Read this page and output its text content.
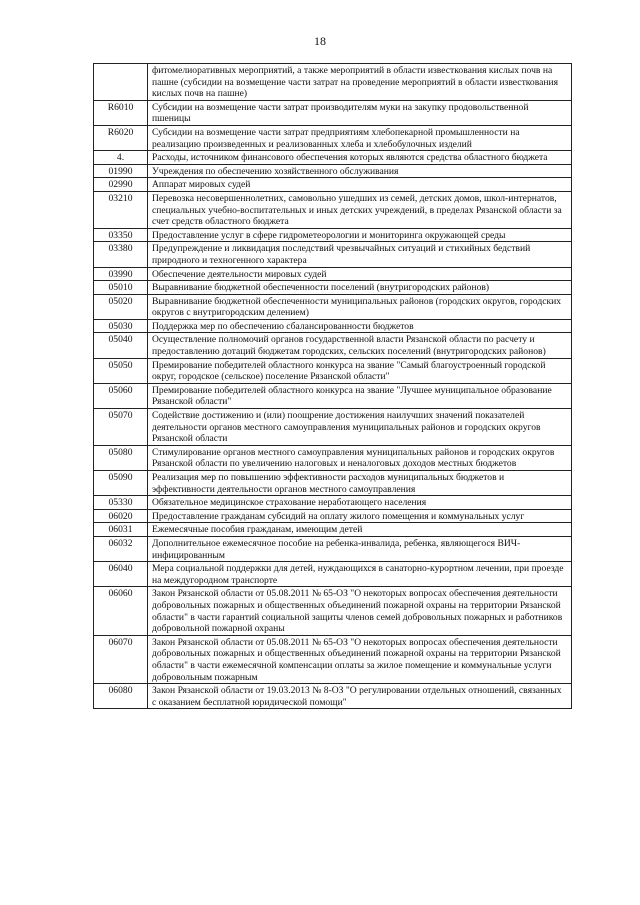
18
	фитомелиоративных мероприятий, а также мероприятий в области известкования кислых почв на пашне (субсидии на возмещение части затрат на проведение мероприятий в области известкования кислых почв на пашне)
R6010	Субсидии на возмещение части затрат производителям муки на закупку продовольственной пшеницы
R6020	Субсидии на возмещение части затрат предприятиям хлебопекарной промышленности на реализацию произведенных и реализованных хлеба и хлебобулочных изделий
4.	Расходы, источником финансового обеспечения которых являются средства областного бюджета
01990	Учреждения по обеспечению хозяйственного обслуживания
02990	Аппарат мировых судей
03210	Перевозка несовершеннолетних, самовольно ушедших из семей, детских домов, школ-интернатов, специальных учебно-воспитательных и иных детских учреждений, в пределах Рязанской области за счет средств областного бюджета
03350	Предоставление услуг в сфере гидрометеорологии и мониторинга окружающей среды
03380	Предупреждение и ликвидация последствий чрезвычайных ситуаций и стихийных бедствий природного и техногенного характера
03990	Обеспечение деятельности мировых судей
05010	Выравнивание бюджетной обеспеченности поселений (внутригородских районов)
05020	Выравнивание бюджетной обеспеченности муниципальных районов (городских округов, городских округов с внутригородским делением)
05030	Поддержка мер по обеспечению сбалансированности бюджетов
05040	Осуществление полномочий органов государственной власти Рязанской области по расчету и предоставлению дотаций бюджетам городских, сельских поселений (внутригородских районов)
05050	Премирование победителей областного конкурса на звание "Самый благоустроенный городской округ, городское (сельское) поселение Рязанской области"
05060	Премирование победителей областного конкурса на звание "Лучшее муниципальное образование Рязанской области"
05070	Содействие достижению и (или) поощрение достижения наилучших значений показателей деятельности органов местного самоуправления муниципальных районов и городских округов Рязанской области
05080	Стимулирование органов местного самоуправления муниципальных районов и городских округов Рязанской области по увеличению налоговых и неналоговых доходов местных бюджетов
05090	Реализация мер по повышению эффективности расходов муниципальных бюджетов и эффективности деятельности органов местного самоуправления
05330	Обязательное медицинское страхование неработающего населения
06020	Предоставление гражданам субсидий на оплату жилого помещения и коммунальных услуг
06031	Ежемесячные пособия гражданам, имеющим детей
06032	Дополнительное ежемесячное пособие на ребенка-инвалида, ребенка, являющегося ВИЧ-инфицированным
06040	Мера социальной поддержки для детей, нуждающихся в санаторно-курортном лечении, при проезде на междугородном транспорте
06060	Закон Рязанской области от 05.08.2011 № 65-ОЗ "О некоторых вопросах обеспечения деятельности добровольных пожарных и общественных объединений пожарной охраны на территории Рязанской области" в части гарантий социальной защиты членов семей добровольных пожарных и работников добровольной пожарной охраны
06070	Закон Рязанской области от 05.08.2011 № 65-ОЗ "О некоторых вопросах обеспечения деятельности добровольных пожарных и общественных объединений пожарной охраны на территории Рязанской области" в части ежемесячной компенсации оплаты за жилое помещение и коммунальные услуги добровольным пожарным
06080	Закон Рязанской области от 19.03.2013 № 8-ОЗ "О регулировании отдельных отношений, связанных с оказанием бесплатной юридической помощи"
